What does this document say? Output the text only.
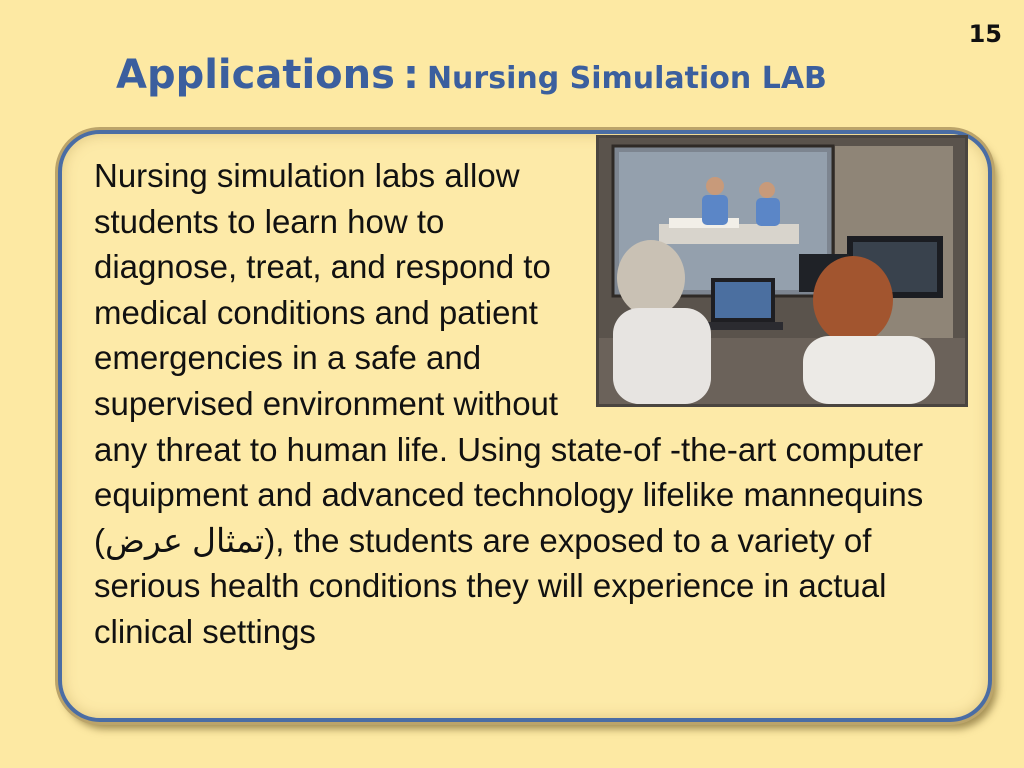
15
Applications : Nursing Simulation LAB
Nursing simulation labs allow students to learn how to diagnose, treat, and respond to medical conditions and patient emergencies in a safe and supervised environment without any threat to human life. Using state-of -the-art computer equipment and advanced technology lifelike mannequins (تمثال عرض), the students are exposed to a variety of serious health conditions they will experience in actual clinical settings
